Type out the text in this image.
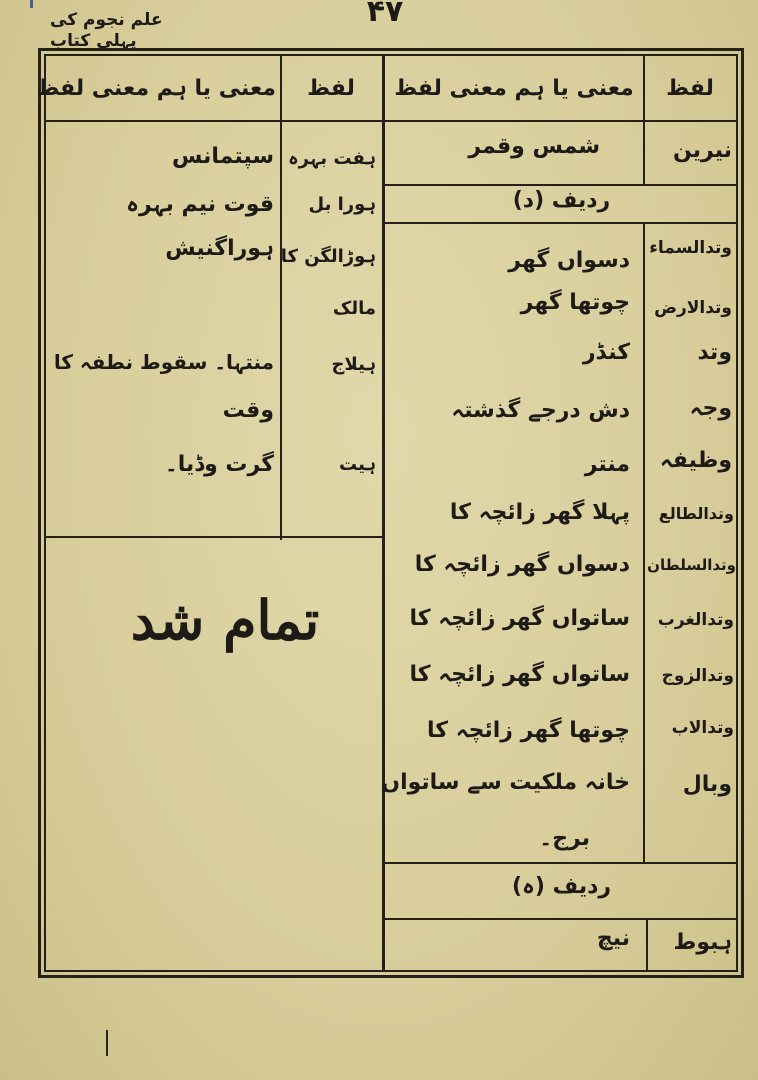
علم نجوم کی پہلی کتاب
۴۷
لفظ
معنی یا ہم معنی لفظ
لفظ
معنی یا ہم معنی لفظ
نیرین
شمس وقمر
ردیف (د)
وتدالسماء
دسواں گھر
وتدالارض
چوتھا گھر
وتد
کنڈر
وجہ
دش درجے گذشتہ
وظیفہ
منتر
وتدالطالع
پہلا گھر زائچہ کا
وتدالسلطان
دسواں گھر زائچہ کا
وتدالغرب
ساتواں گھر زائچہ کا
وتدالزوج
ساتواں گھر زائچہ کا
وتدالاب
چوتھا گھر زائچہ کا
وبال
خانہ ملکیت سے ساتواں
برج۔
ردیف (ہ)
ہبوط
نیچ
ہفت بہرہ
سپتمانس
ہورا بل
قوت نیم بہرہ
ہوڑالگن کا
ہوراگنیش
مالک
ہیلاج
منتہا۔ سقوط نطفہ کا
وقت
ہیت
گرت وڈیا۔
تمام شد
